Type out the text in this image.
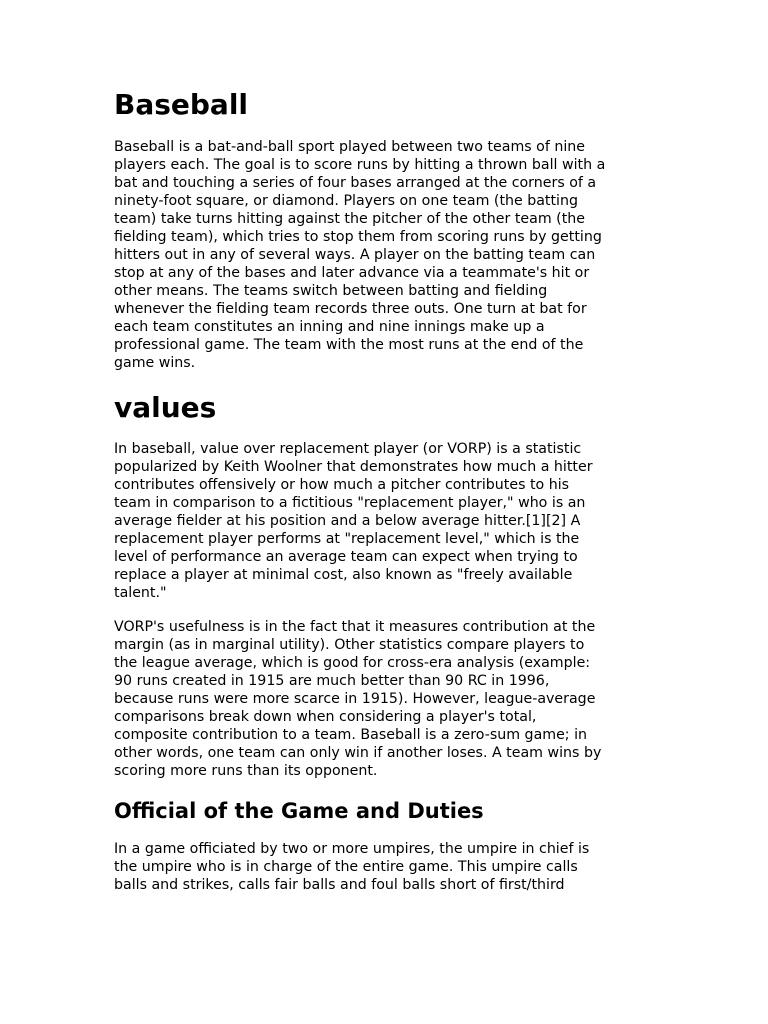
Baseball
Baseball is a bat-and-ball sport played between two teams of nine
players each. The goal is to score runs by hitting a thrown ball with a
bat and touching a series of four bases arranged at the corners of a
ninety-foot square, or diamond. Players on one team (the batting
team) take turns hitting against the pitcher of the other team (the
fielding team), which tries to stop them from scoring runs by getting
hitters out in any of several ways. A player on the batting team can
stop at any of the bases and later advance via a teammate's hit or
other means. The teams switch between batting and fielding
whenever the fielding team records three outs. One turn at bat for
each team constitutes an inning and nine innings make up a
professional game. The team with the most runs at the end of the
game wins.
values
In baseball, value over replacement player (or VORP) is a statistic
popularized by Keith Woolner that demonstrates how much a hitter
contributes offensively or how much a pitcher contributes to his
team in comparison to a fictitious "replacement player," who is an
average fielder at his position and a below average hitter.[1][2] A
replacement player performs at "replacement level," which is the
level of performance an average team can expect when trying to
replace a player at minimal cost, also known as "freely available
talent."
VORP's usefulness is in the fact that it measures contribution at the
margin (as in marginal utility). Other statistics compare players to
the league average, which is good for cross-era analysis (example:
90 runs created in 1915 are much better than 90 RC in 1996,
because runs were more scarce in 1915). However, league-average
comparisons break down when considering a player's total,
composite contribution to a team. Baseball is a zero-sum game; in
other words, one team can only win if another loses. A team wins by
scoring more runs than its opponent.
Official of the Game and Duties
In a game officiated by two or more umpires, the umpire in chief is
the umpire who is in charge of the entire game. This umpire calls
balls and strikes, calls fair balls and foul balls short of first/third
